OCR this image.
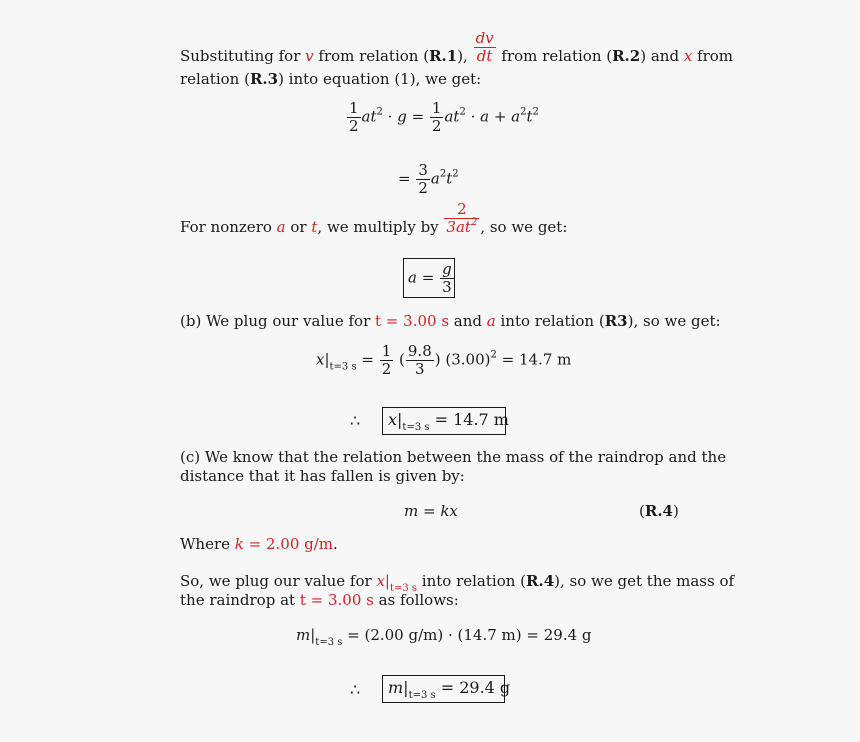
Substituting for v from relation (R.1), $\frac{dv}{dt}$ from relation (R.2) and x from
relation (R.3) into equation (1), we get:
$\frac{1}{2} at^2 \cdot g = \frac{1}{2} at^2 \cdot a + a^2t^2$
= $\frac{3}{2} a^2t^2$
For nonzero a or t, we multiply by $\frac{2}{3at^2}$ , so we get:
$a = \frac{g}{3}$
(b) We plug our value for t = 3.00 s and a into relation (R3), so we get:
$x|_{t=3 s} = \frac{1}{2}$ ( $\frac{9.8}{3}$ ) $(3.00)^2 = 14.7$ m
∴ $x|_{t=3 s} = 14.7$ m
(c) We know that the relation between the mass of the raindrop and the
distance that it has fallen is given by:
m = kx	(R.4)
Where k = 2.00 g/m.
So, we plug our value for $x|_{t=3 s}$ into relation (R.4), so we get the mass of
the raindrop at t = 3.00 s as follows:
$m|_{t=3 s} = (2.00$ g/m) · (14.7 m) = 29.4 g
∴ $m|_{t=3 s} = 29.4$ g
